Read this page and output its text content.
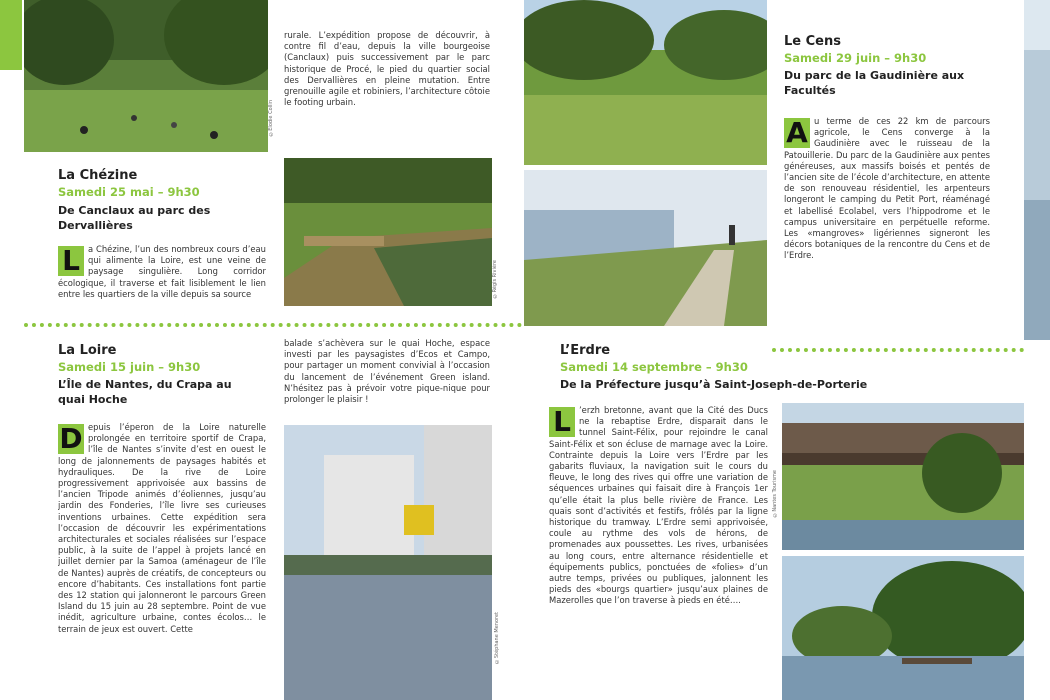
©Elodie Collin
La Chézine
Samedi 25 mai – 9h30
De Canclaux au parc des Dervallières

L a Chézine, l’un des nombreux cours d’eau qui alimente la Loire, est une veine de paysage singulière. Long corridor écologique, il traverse et fait lisiblement le lien entre les quartiers de la ville depuis sa source

rurale. L’expédition propose de découvrir, à contre fil d’eau, depuis la ville bourgeoise (Canclaux) puis successivement par le parc historique de Procé, le pied du quartier social des Dervallières en pleine mutation. Entre grenouille agile et robiniers, l’architecture côtoie le footing urbain.

©Régis Rivière
Le Cens
Samedi 29 juin – 9h30
Du parc de la Gaudinière aux Facultés

A u terme de ces 22 km de parcours agricole, le Cens converge à la Gaudinière avec le ruisseau de la Patouillerie. Du parc de la Gaudinière aux pentes généreuses, aux massifs boisés et pentés de l’ancien site de l’école d’architecture, en attente de son renouveau résidentiel, les arpenteurs longeront le camping du Petit Port, réaménagé et labellisé Ecolabel, vers l’hippodrome et le campus universitaire en perpétuelle reforme. Les «mangroves» ligériennes signeront les décors botaniques de la rencontre du Cens et de l’Erdre.

La Loire
Samedi 15 juin – 9h30
L’Île de Nantes, du Crapa au quai Hoche

D epuis l’éperon de la Loire naturelle prolongée en territoire sportif de Crapa, l’île de Nantes s’invite d’est en ouest le long de jalonnements de paysages habités et hydrauliques. De la rive de Loire progressivement apprivoisée aux bassins de l’ancien Tripode animés d’éoliennes, jusqu’au jardin des Fonderies, l’île livre ses curieuses inventions urbaines. Cette expédition sera l’occasion de découvrir les expérimentations architecturales et sociales réalisées sur l’espace public, à la suite de l’appel à projets lancé en juillet dernier par la Samoa (aménageur de l’île de Nantes) auprès de créatifs, de concepteurs ou encore d’habitants. Ces installations font partie des 12 station qui jalonneront le parcours Green Island du 15 juin au 28 septembre. Point de vue inédit, agriculture urbaine, contes écolos… le terrain de jeux est ouvert. Cette

balade s’achèvera sur le quai Hoche, espace investi par les paysagistes d’Ecos et Campo, pour partager un moment convivial à l’occasion du lancement de l’événement Green island. N’hésitez pas à prévoir votre pique-nique pour prolonger le plaisir !

©Stéphane Menoret
L’Erdre
Samedi 14 septembre – 9h30
De la Préfecture jusqu’à Saint-Joseph-de-Porterie

L ’erzh bretonne, avant que la Cité des Ducs ne la rebaptise Erdre, disparait dans le tunnel Saint-Félix, pour rejoindre le canal Saint-Félix et son écluse de marnage avec la Loire. Contrainte depuis la Loire vers l’Erdre par les gabarits fluviaux, la navigation suit le cours du fleuve, le long des rives qui offre une variation de séquences urbaines qui faisait dire à François 1er qu’elle était la plus belle rivière de France. Les quais sont d’activités et festifs, frôlés par la ligne historique du tramway. L’Erdre semi apprivoisée, coule au rythme des vols de hérons, de promenades aux poussettes. Les rives, urbanisées au long cours, entre alternance résidentielle et équipements publics, ponctuées de «folies» d’un autre temps, privées ou publiques, jalonnent les pieds des «bourgs quartier» jusqu’aux plaines de Mazerolles que l’on traverse à pieds en été….

©Nantes Tourisme
